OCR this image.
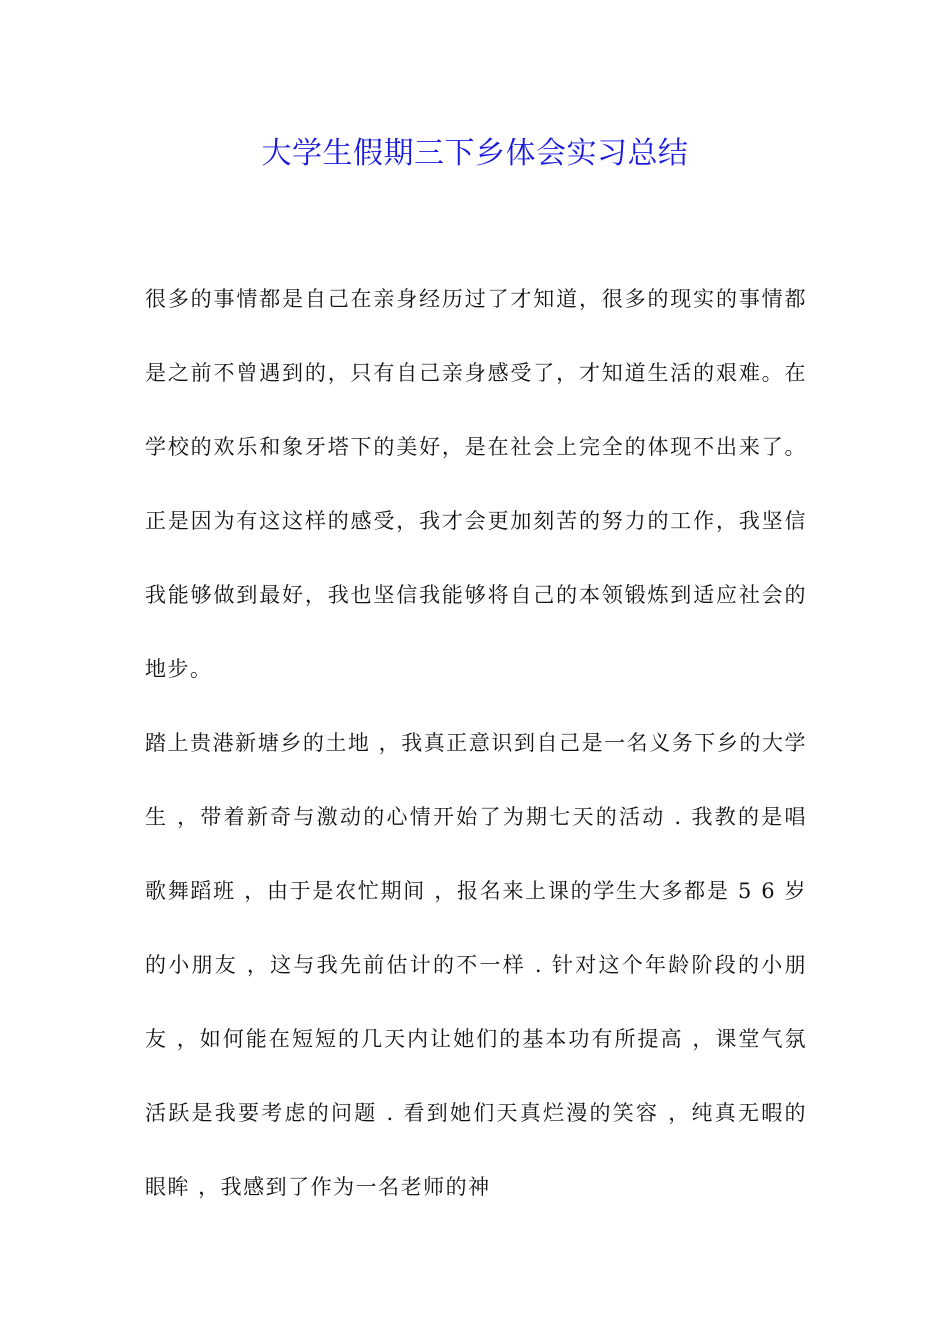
大学生假期三下乡体会实习总结

很多的事情都是自己在亲身经历过了才知道，很多的现实的事情都是之前不曾遇到的，只有自己亲身感受了，才知道生活的艰难。在学校的欢乐和象牙塔下的美好，是在社会上完全的体现不出来了。正是因为有这这样的感受，我才会更加刻苦的努力的工作，我坚信我能够做到最好，我也坚信我能够将自己的本领锻炼到适应社会的地步。

踏上贵港新塘乡的土地 ，我真正意识到自己是一名义务下乡的大学生 ，带着新奇与激动的心情开始了为期七天的活动 . 我教的是唱歌舞蹈班 ，由于是农忙期间 ，报名来上课的学生大多都是 5 6 岁的小朋友 ，这与我先前估计的不一样 . 针对这个年龄阶段的小朋友 ，如何能在短短的几天内让她们的基本功有所提高 ，课堂气氛活跃是我要考虑的问题 . 看到她们天真烂漫的笑容 ，纯真无暇的眼眸 ，我感到了作为一名老师的神
